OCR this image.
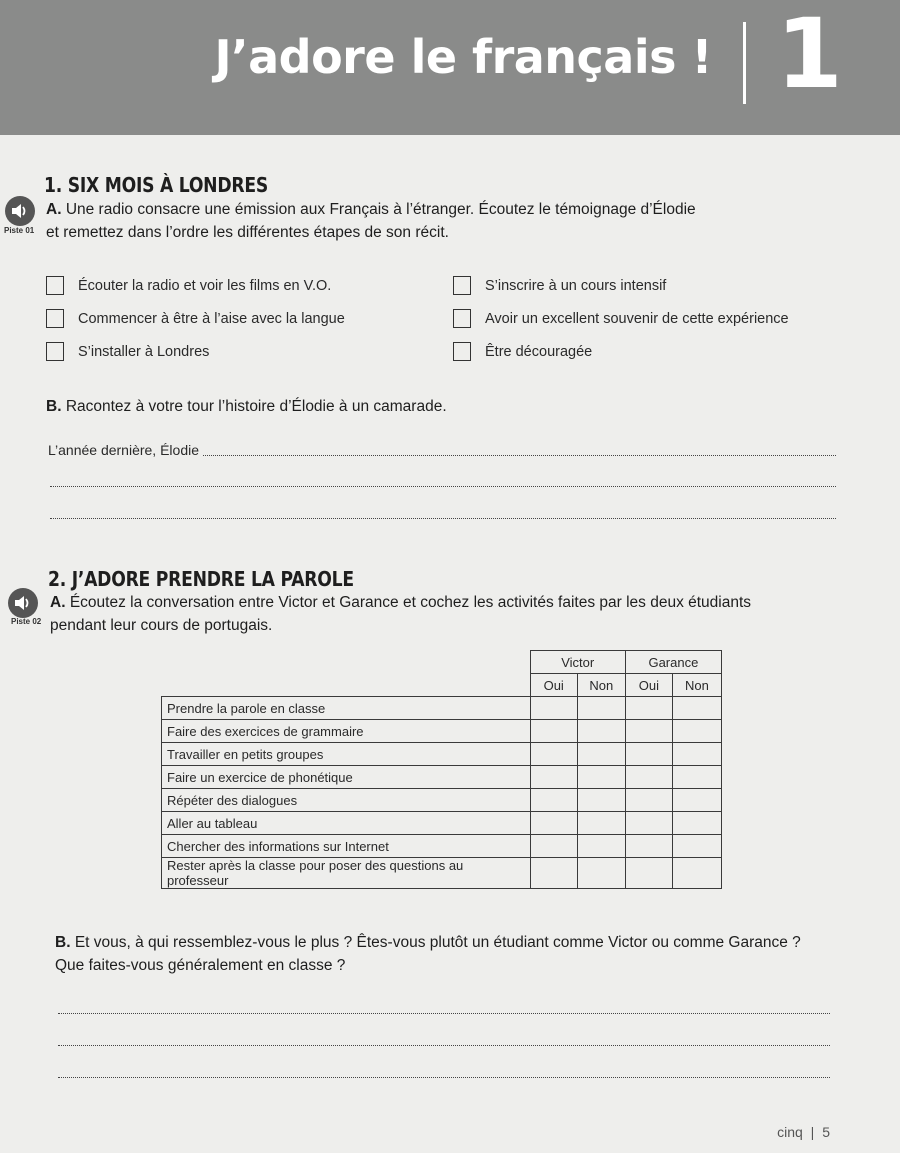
J’adore le français ! 1
1. SIX MOIS À LONDRES
Piste 01
A. Une radio consacre une émission aux Français à l’étranger. Écoutez le témoignage d’Élodie
et remettez dans l’ordre les différentes étapes de son récit.
Écouter la radio et voir les films en V.O.
Commencer à être à l’aise avec la langue
S’installer à Londres
S’inscrire à un cours intensif
Avoir un excellent souvenir de cette expérience
Être découragée
B. Racontez à votre tour l’histoire d’Élodie à un camarade.
L’année dernière, Élodie
2. J’ADORE PRENDRE LA PAROLE
Piste 02
A. Écoutez la conversation entre Victor et Garance et cochez les activités faites par les deux étudiants
pendant leur cours de portugais.
	Victor		Garance	
	Oui	Non	Oui	Non
Prendre la parole en classe				
Faire des exercices de grammaire				
Travailler en petits groupes				
Faire un exercice de phonétique				
Répéter des dialogues				
Aller au tableau				
Chercher des informations sur Internet				
Rester après la classe pour poser des questions au professeur				
B. Et vous, à qui ressemblez-vous le plus ? Êtes-vous plutôt un étudiant comme Victor ou comme Garance ?
Que faites-vous généralement en classe ?
cinq | 5
